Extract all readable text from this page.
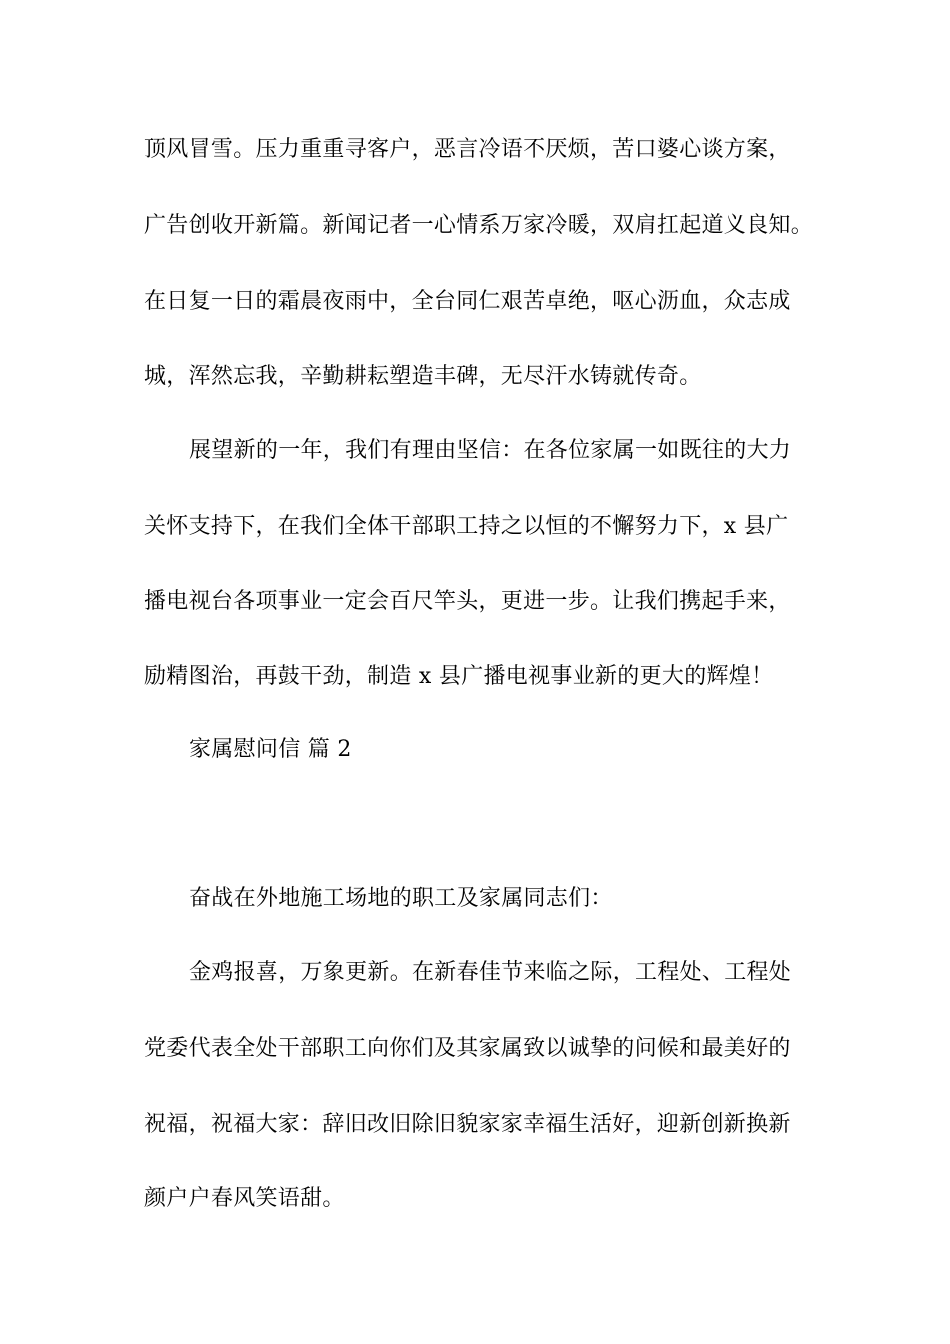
顶风冒雪。压力重重寻客户，恶言冷语不厌烦，苦口婆心谈方案，
广告创收开新篇。新闻记者一心情系万家冷暖，双肩扛起道义良知。
在日复一日的霜晨夜雨中，全台同仁艰苦卓绝，呕心沥血，众志成
城，浑然忘我，辛勤耕耘塑造丰碑，无尽汗水铸就传奇。
展望新的一年，我们有理由坚信：在各位家属一如既往的大力
关怀支持下，在我们全体干部职工持之以恒的不懈努力下，x 县广
播电视台各项事业一定会百尺竿头，更进一步。让我们携起手来，
励精图治，再鼓干劲，制造 x 县广播电视事业新的更大的辉煌！
家属慰问信 篇 2
奋战在外地施工场地的职工及家属同志们：
金鸡报喜，万象更新。在新春佳节来临之际，工程处、工程处
党委代表全处干部职工向你们及其家属致以诚挚的问候和最美好的
祝福，祝福大家：辞旧改旧除旧貌家家幸福生活好，迎新创新换新
颜户户春风笑语甜。
